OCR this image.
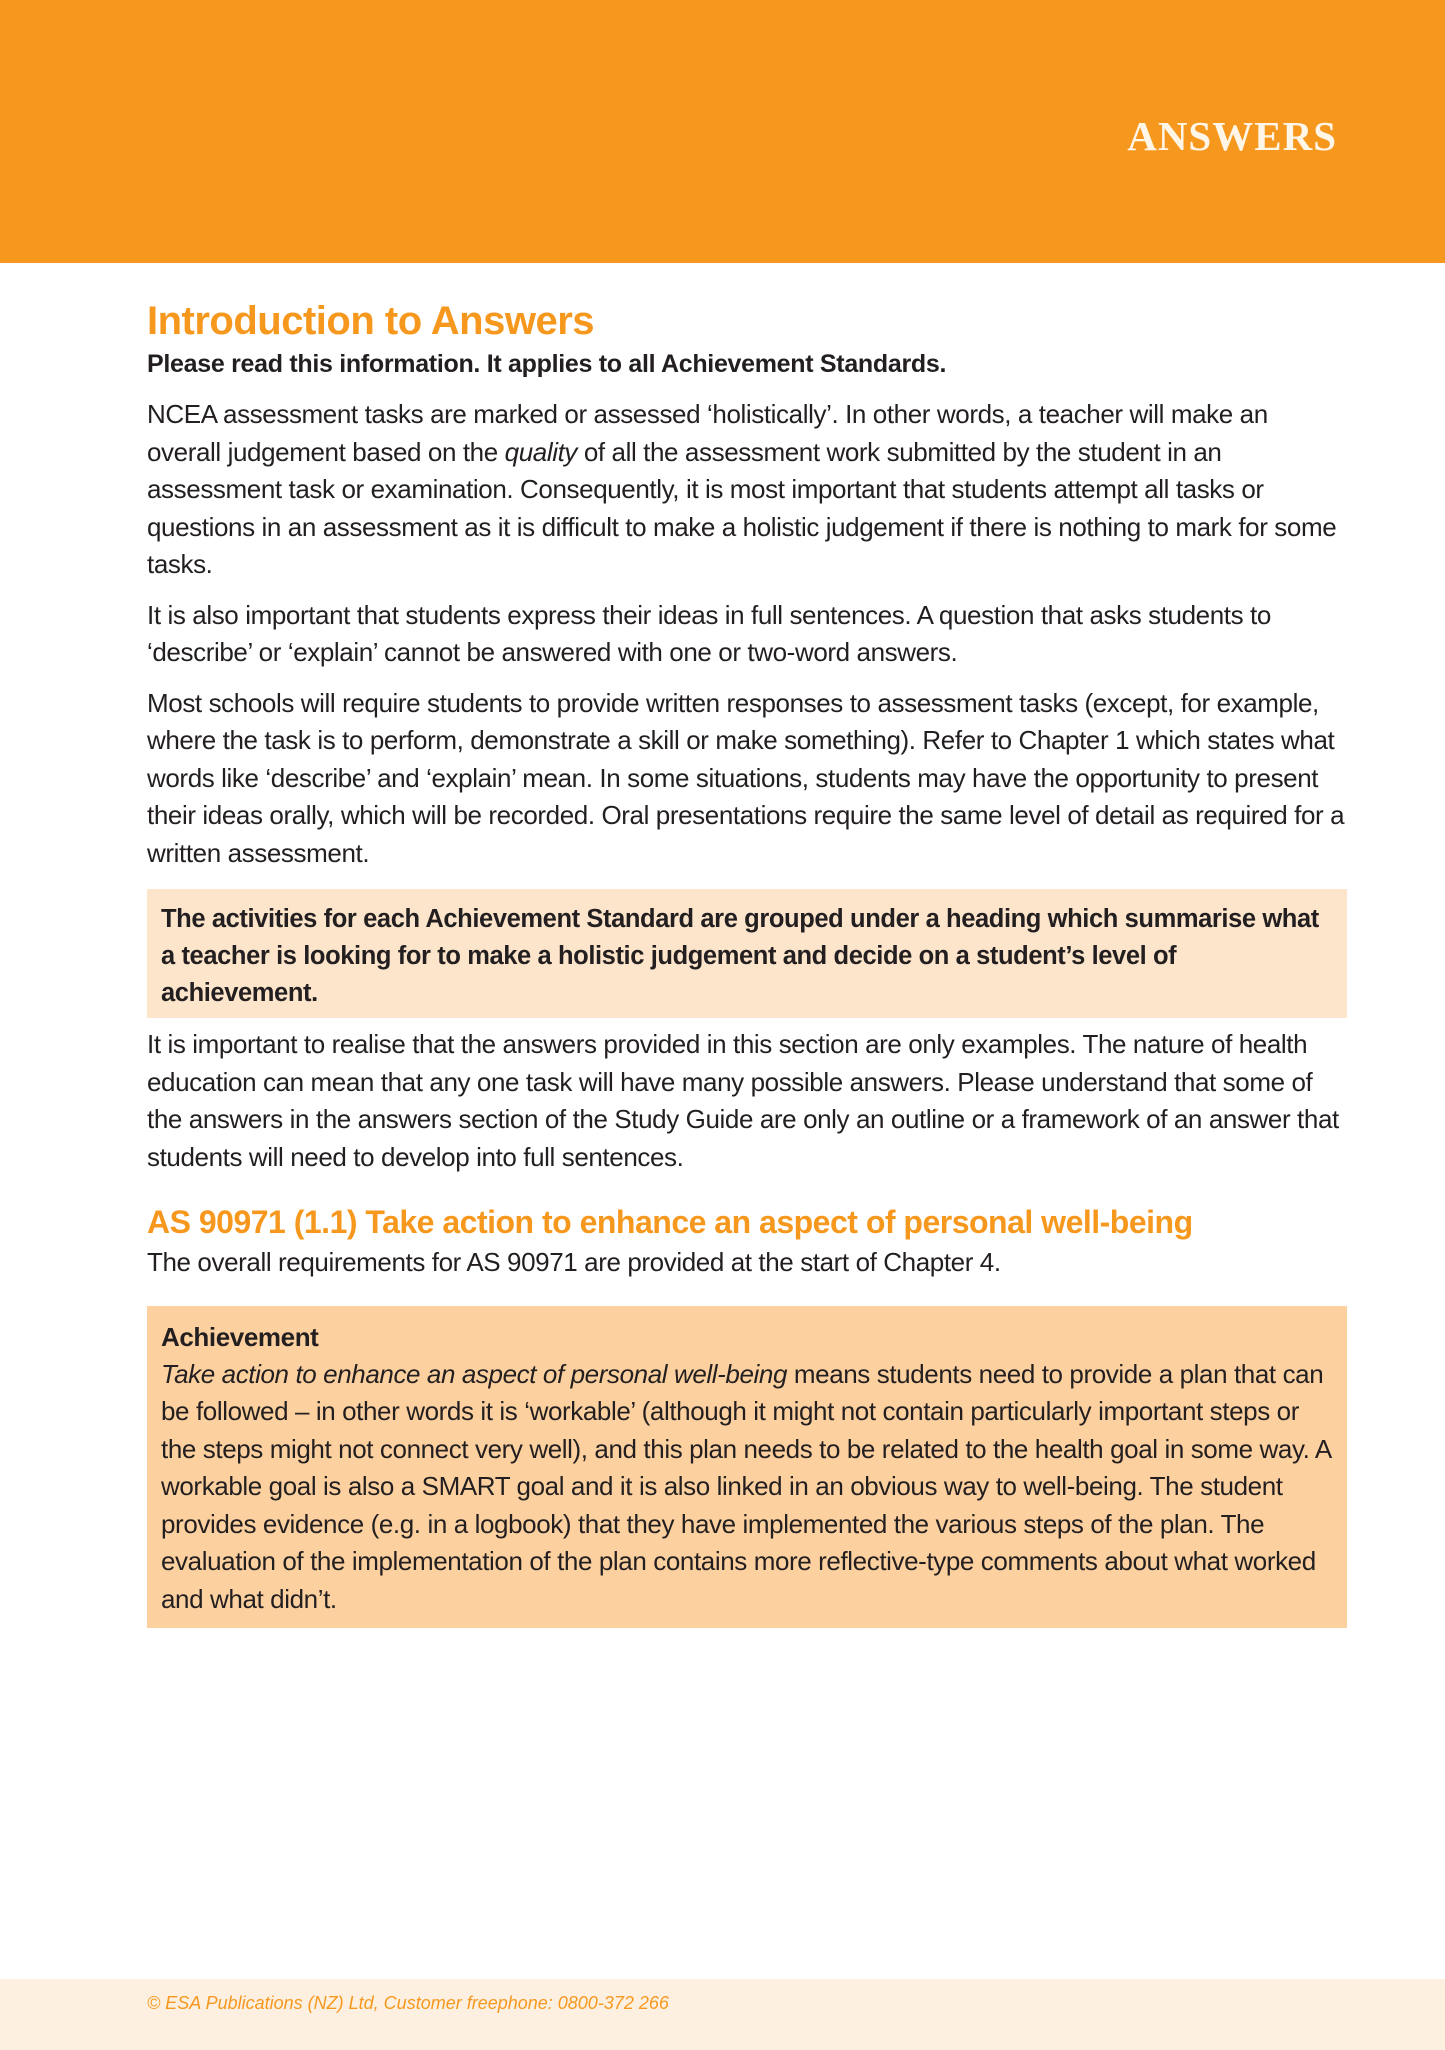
ANSWERS
Introduction to Answers
Please read this information. It applies to all Achievement Standards.

NCEA assessment tasks are marked or assessed ‘holistically’. In other words, a teacher will make an overall judgement based on the quality of all the assessment work submitted by the student in an assessment task or examination. Consequently, it is most important that students attempt all tasks or questions in an assessment as it is difficult to make a holistic judgement if there is nothing to mark for some tasks.

It is also important that students express their ideas in full sentences. A question that asks students to ‘describe’ or ‘explain’ cannot be answered with one or two-word answers.

Most schools will require students to provide written responses to assessment tasks (except, for example, where the task is to perform, demonstrate a skill or make something). Refer to Chapter 1 which states what words like ‘describe’ and ‘explain’ mean. In some situations, students may have the opportunity to present their ideas orally, which will be recorded. Oral presentations require the same level of detail as required for a written assessment.

The activities for each Achievement Standard are grouped under a heading which summarise what a teacher is looking for to make a holistic judgement and decide on a student’s level of achievement.

It is important to realise that the answers provided in this section are only examples. The nature of health education can mean that any one task will have many possible answers. Please understand that some of the answers in the answers section of the Study Guide are only an outline or a framework of an answer that students will need to develop into full sentences.

AS 90971 (1.1) Take action to enhance an aspect of personal well-being

The overall requirements for AS 90971 are provided at the start of Chapter 4.

Achievement

Take action to enhance an aspect of personal well-being means students need to provide a plan that can be followed – in other words it is ‘workable’ (although it might not contain particularly important steps or the steps might not connect very well), and this plan needs to be related to the health goal in some way. A workable goal is also a SMART goal and it is also linked in an obvious way to well-being. The student provides evidence (e.g. in a logbook) that they have implemented the various steps of the plan. The evaluation of the implementation of the plan contains more reflective-type comments about what worked and what didn’t.

© ESA Publications (NZ) Ltd, Customer freephone: 0800-372 266
